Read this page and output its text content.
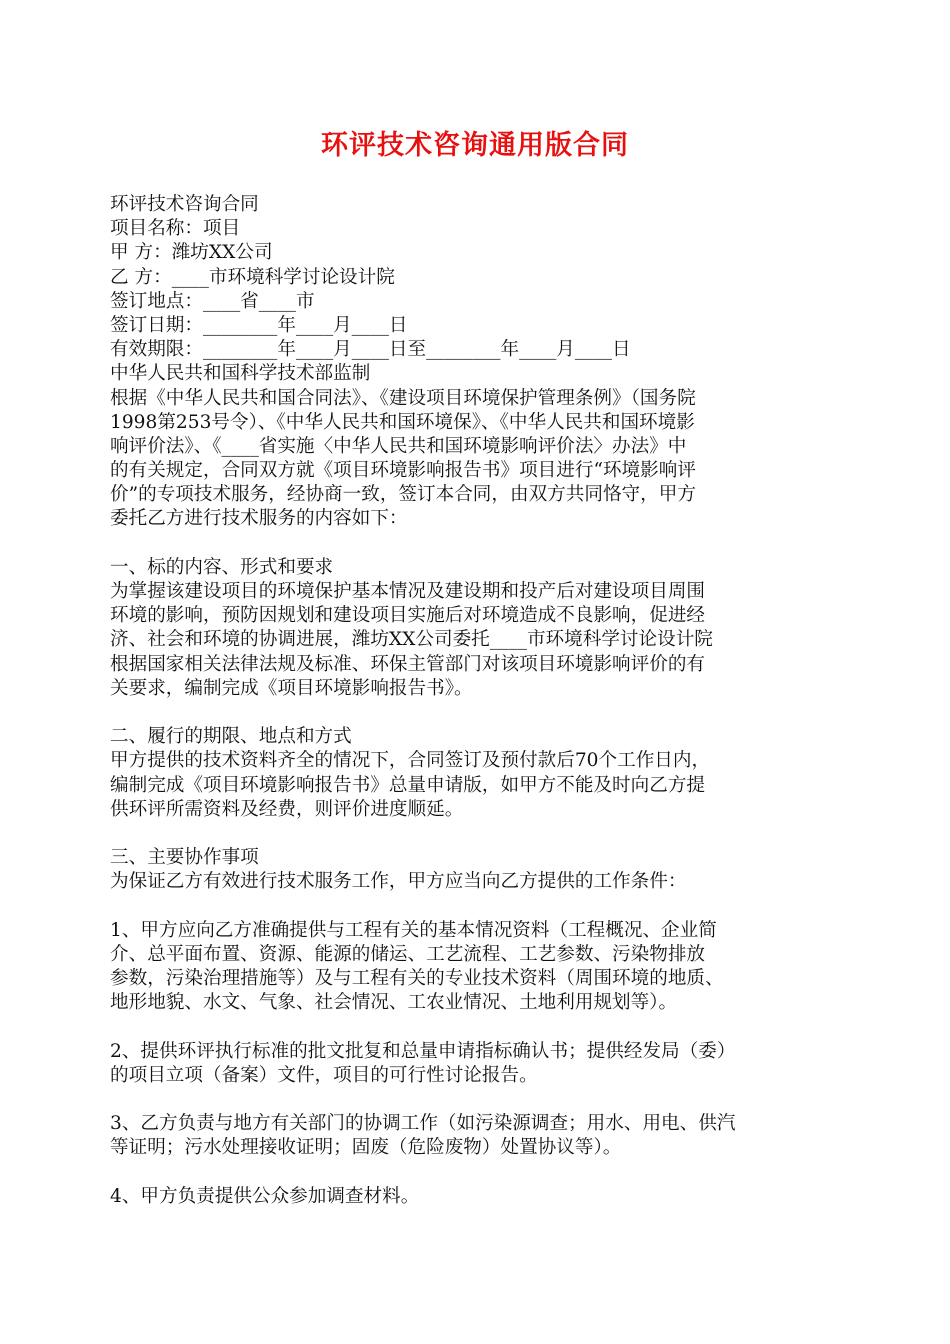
环评技术咨询通用版合同
环评技术咨询合同
项目名称：项目
甲 方：潍坊XX公司
乙 方：____市环境科学讨论设计院
签订地点：____省____市
签订日期：________年____月____日
有效期限：________年____月____日至________年____月____日
中华人民共和国科学技术部监制
根据《中华人民共和国合同法》、《建设项目环境保护管理条例》（国务院
1998第253号令）、《中华人民共和国环境保》、《中华人民共和国环境影
响评价法》、《____省实施〈中华人民共和国环境影响评价法〉办法》中
的有关规定，合同双方就《项目环境影响报告书》项目进行“环境影响评
价”的专项技术服务，经协商一致，签订本合同，由双方共同恪守，甲方
委托乙方进行技术服务的内容如下：
一、标的内容、形式和要求
为掌握该建设项目的环境保护基本情况及建设期和投产后对建设项目周围
环境的影响，预防因规划和建设项目实施后对环境造成不良影响，促进经
济、社会和环境的协调进展，潍坊XX公司委托____市环境科学讨论设计院
根据国家相关法律法规及标准、环保主管部门对该项目环境影响评价的有
关要求，编制完成《项目环境影响报告书》。
二、履行的期限、地点和方式
甲方提供的技术资料齐全的情况下，合同签订及预付款后70个工作日内，
编制完成《项目环境影响报告书》总量申请版，如甲方不能及时向乙方提
供环评所需资料及经费，则评价进度顺延。
三、主要协作事项
为保证乙方有效进行技术服务工作，甲方应当向乙方提供的工作条件：
1、甲方应向乙方准确提供与工程有关的基本情况资料（工程概况、企业简
介、总平面布置、资源、能源的储运、工艺流程、工艺参数、污染物排放
参数，污染治理措施等）及与工程有关的专业技术资料（周围环境的地质、
地形地貌、水文、气象、社会情况、工农业情况、土地利用规划等）。
2、提供环评执行标准的批文批复和总量申请指标确认书；提供经发局（委）
的项目立项（备案）文件，项目的可行性讨论报告。
3、乙方负责与地方有关部门的协调工作（如污染源调查；用水、用电、供汽
等证明；污水处理接收证明；固废（危险废物）处置协议等）。
4、甲方负责提供公众参加调查材料。
